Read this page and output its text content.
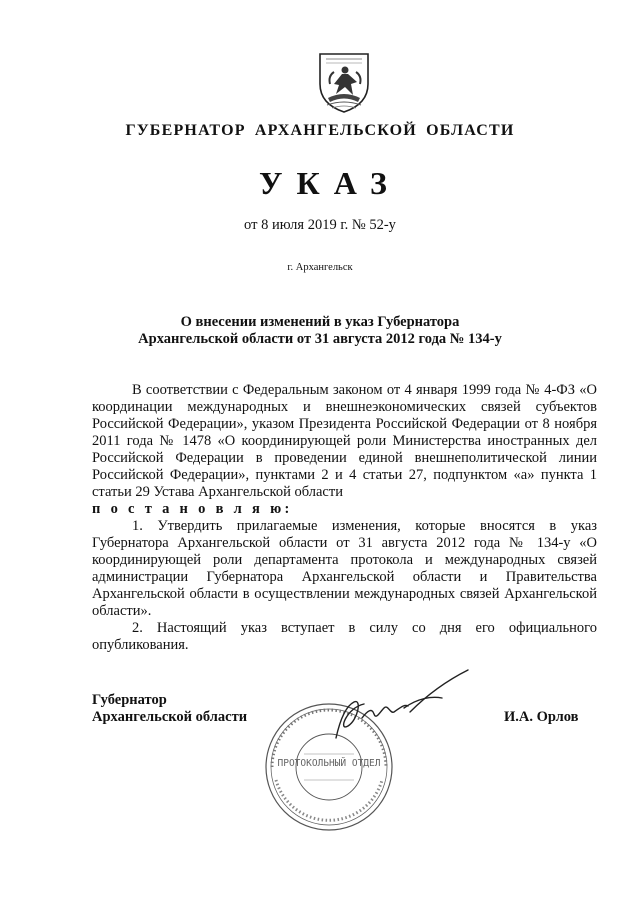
ГУБЕРНАТОР АРХАНГЕЛЬСКОЙ ОБЛАСТИ
УКАЗ
от 8 июля 2019 г. № 52-у
г. Архангельск
О внесении изменений в указ Губернатора
Архангельской области от 31 августа 2012 года № 134-у

В соответствии с Федеральным законом от 4 января 1999 года № 4-ФЗ «О координации международных и внешнеэкономических связей субъектов Российской Федерации», указом Президента Российской Федерации от 8 ноября 2011 года № 1478 «О координирующей роли Министерства иностранных дел Российской Федерации в проведении единой внешнеполитической линии Российской Федерации», пунктами 2 и 4 статьи 27, подпунктом «а» пункта 1 статьи 29 Устава Архангельской области

п о с т а н о в л я ю:

1. Утвердить прилагаемые изменения, которые вносятся в указ Губернатора Архангельской области от 31 августа 2012 года № 134-у «О координирующей роли департамента протокола и международных связей администрации Губернатора Архангельской области и Правительства Архангельской области в осуществлении международных связей Архангельской области».

2. Настоящий указ вступает в силу со дня его официального опубликования.

Губернатор
Архангельской области
ПРОТОКОЛЬНЫЙ ОТДЕЛ
И.А. Орлов
